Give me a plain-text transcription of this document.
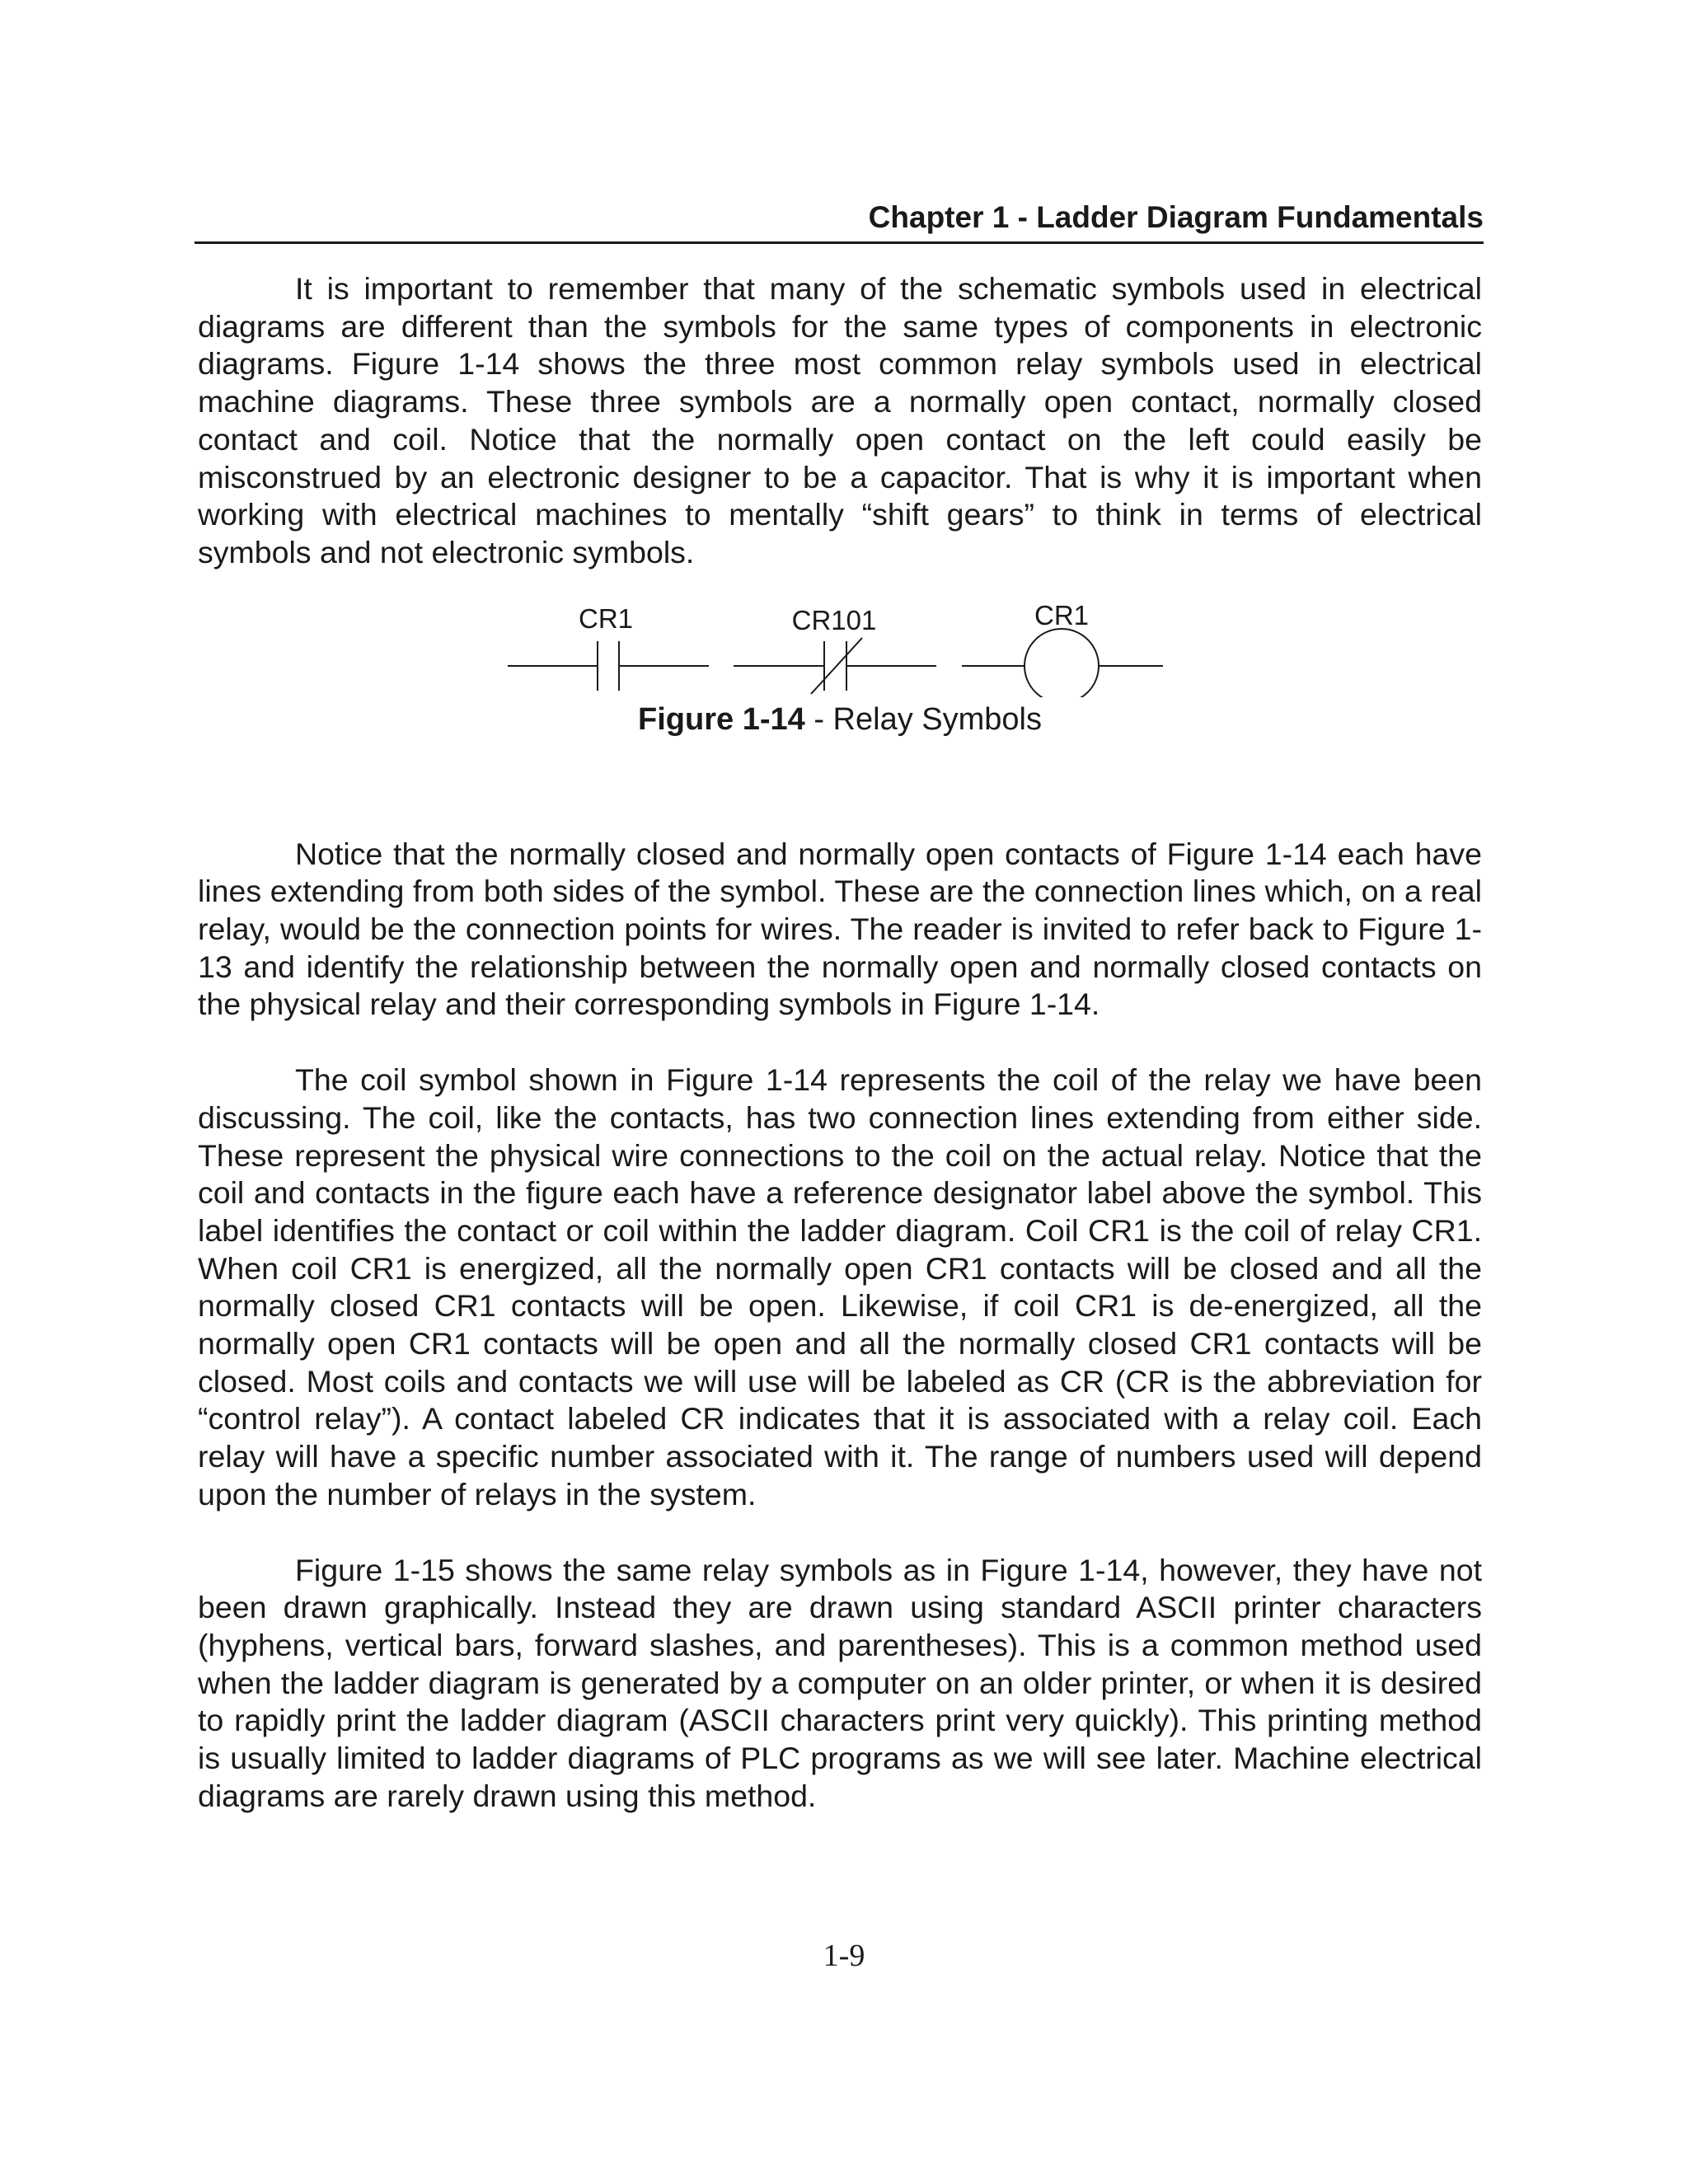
Chapter 1 - Ladder Diagram Fundamentals

It is important to remember that many of the schematic symbols used in electrical diagrams are different than the symbols for the same types of components in electronic diagrams. Figure 1-14 shows the three most common relay symbols used in electrical machine diagrams. These three symbols are a normally open contact, normally closed contact and coil. Notice that the normally open contact on the left could easily be misconstrued by an electronic designer to be a capacitor. That is why it is important when working with electrical machines to mentally “shift gears” to think in terms of electrical symbols and not electronic symbols.

CR1	CR101	CR1
Figure 1-14 - Relay Symbols

Notice that the normally closed and normally open contacts of Figure 1-14 each have lines extending from both sides of the symbol. These are the connection lines which, on a real relay, would be the connection points for wires. The reader is invited to refer back to Figure 1-13 and identify the relationship between the normally open and normally closed contacts on the physical relay and their corresponding symbols in Figure 1-14.

The coil symbol shown in Figure 1-14 represents the coil of the relay we have been discussing. The coil, like the contacts, has two connection lines extending from either side. These represent the physical wire connections to the coil on the actual relay. Notice that the coil and contacts in the figure each have a reference designator label above the symbol. This label identifies the contact or coil within the ladder diagram. Coil CR1 is the coil of relay CR1. When coil CR1 is energized, all the normally open CR1 contacts will be closed and all the normally closed CR1 contacts will be open. Likewise, if coil CR1 is de-energized, all the normally open CR1 contacts will be open and all the normally closed CR1 contacts will be closed. Most coils and contacts we will use will be labeled as CR (CR is the abbreviation for “control relay”). A contact labeled CR indicates that it is associated with a relay coil. Each relay will have a specific number associated with it. The range of numbers used will depend upon the number of relays in the system.

Figure 1-15 shows the same relay symbols as in Figure 1-14, however, they have not been drawn graphically. Instead they are drawn using standard ASCII printer characters (hyphens, vertical bars, forward slashes, and parentheses). This is a common method used when the ladder diagram is generated by a computer on an older printer, or when it is desired to rapidly print the ladder diagram (ASCII characters print very quickly). This printing method is usually limited to ladder diagrams of PLC programs as we will see later. Machine electrical diagrams are rarely drawn using this method.

1-9
